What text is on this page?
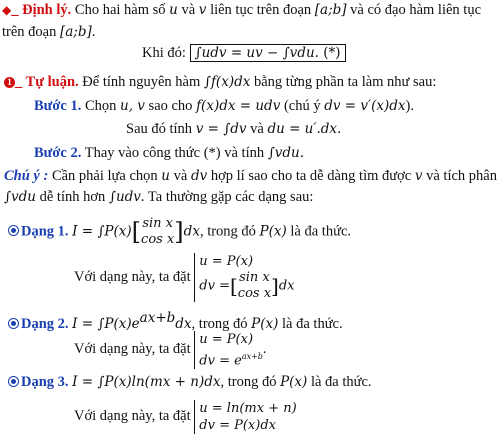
◆_ Định lý. Cho hai hàm số u và v liên tục trên đoạn [a;b] và có đạo hàm liên tục
trên đoạn [a;b].
Khi đó: ∫udv = uv − ∫vdu. (*)
1 _ Tự luận. Để tính nguyên hàm ∫f(x)dx bằng từng phần ta làm như sau:
Bước 1. Chọn u, v sao cho f(x)dx = udv (chú ý dv = v′(x)dx).
Sau đó tính v = ∫dv và du = u′.dx.
Bước 2. Thay vào công thức (*) và tính ∫vdu.
Chú ý : Cần phải lựa chọn u và dv hợp lí sao cho ta dễ dàng tìm được v và tích phân
∫vdu dễ tính hơn ∫udv. Ta thường gặp các dạng sau:
Dạng 1. I = ∫P(x)[sin x
cos x]dx, trong đó P(x) là đa thức.
Với dạng này, ta đặt u = P(x)
dv =[sin x
cos x]dx
Dạng 2. $I = \int P(x)e^{ax+b}dx$, trong đó P(x) là đa thức.
Với dạng này, ta đặt u = P(x)
dv = $e^{ax+b}$.
Dạng 3. I = ∫P(x)ln(mx + n)dx, trong đó P(x) là đa thức.
Với dạng này, ta đặt u = ln(mx + n)
dv = P(x)dx
